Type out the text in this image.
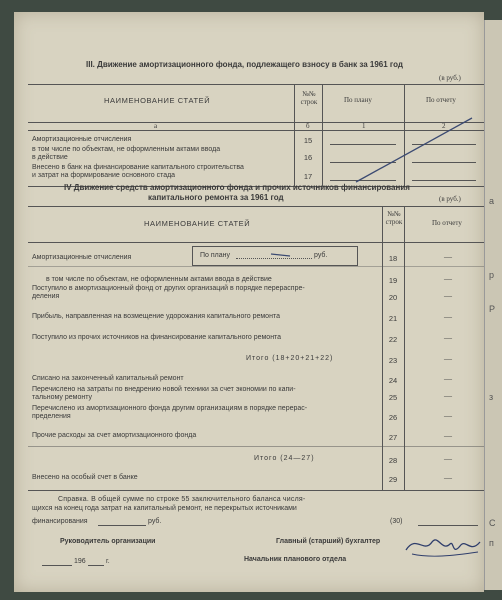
III. Движение амортизационного фонда, подлежащего взносу в банк за 1961 год
(в руб.)
НАИМЕНОВАНИЕ СТАТЕЙ
№№ строк	По плану	По отчету
а	б	1	2
Амортизационные отчисления	15
в том числе по объектам, не оформленным актами ввода
в действие	16
Внесено в банк на финансирование капитального строительства
и затрат на формирование основного стада	17
IV Движение средств амортизационного фонда и прочих источников финансирования
капитального ремонта за 1961 год	(в руб.)
НАИМЕНОВАНИЕ СТАТЕЙ
№№ строк	По отчету
По плану	руб.
Амортизационные отчисления	18	—
в том числе по объектам, не оформленным актами ввода в действие	19	—
Поступило в амортизационный фонд от других организаций в порядке перераспре-
деления	20	—
Прибыль, направленная на возмещение удорожания капитального ремонта	21	—
Поступило из прочих источников на финансирование капитального ремонта	22	—
Итого (18+20+21+22)	23	—
Списано на законченный капитальный ремонт	24	—
Перечислено на затраты по внедрению новой техники за счет экономии по капи-
тальному ремонту	25	—
Перечислено из амортизационного фонда другим организациям в порядке перерас-
пределения	26	—
Прочие расходы за счет амортизационного фонда	27	—
Итого (24—27)	28	—
Внесено на особый счет в банке	29	—
Справка. В общей сумме по строке 55 заключительного баланса числя-
щихся на конец года затрат на капитальный ремонт, не перекрытых источниками
финансирования	руб.	(30)
Руководитель организации	Главный (старший) бухгалтер
196	г.	Начальник планового отдела
а
р
Р
з
С
п
